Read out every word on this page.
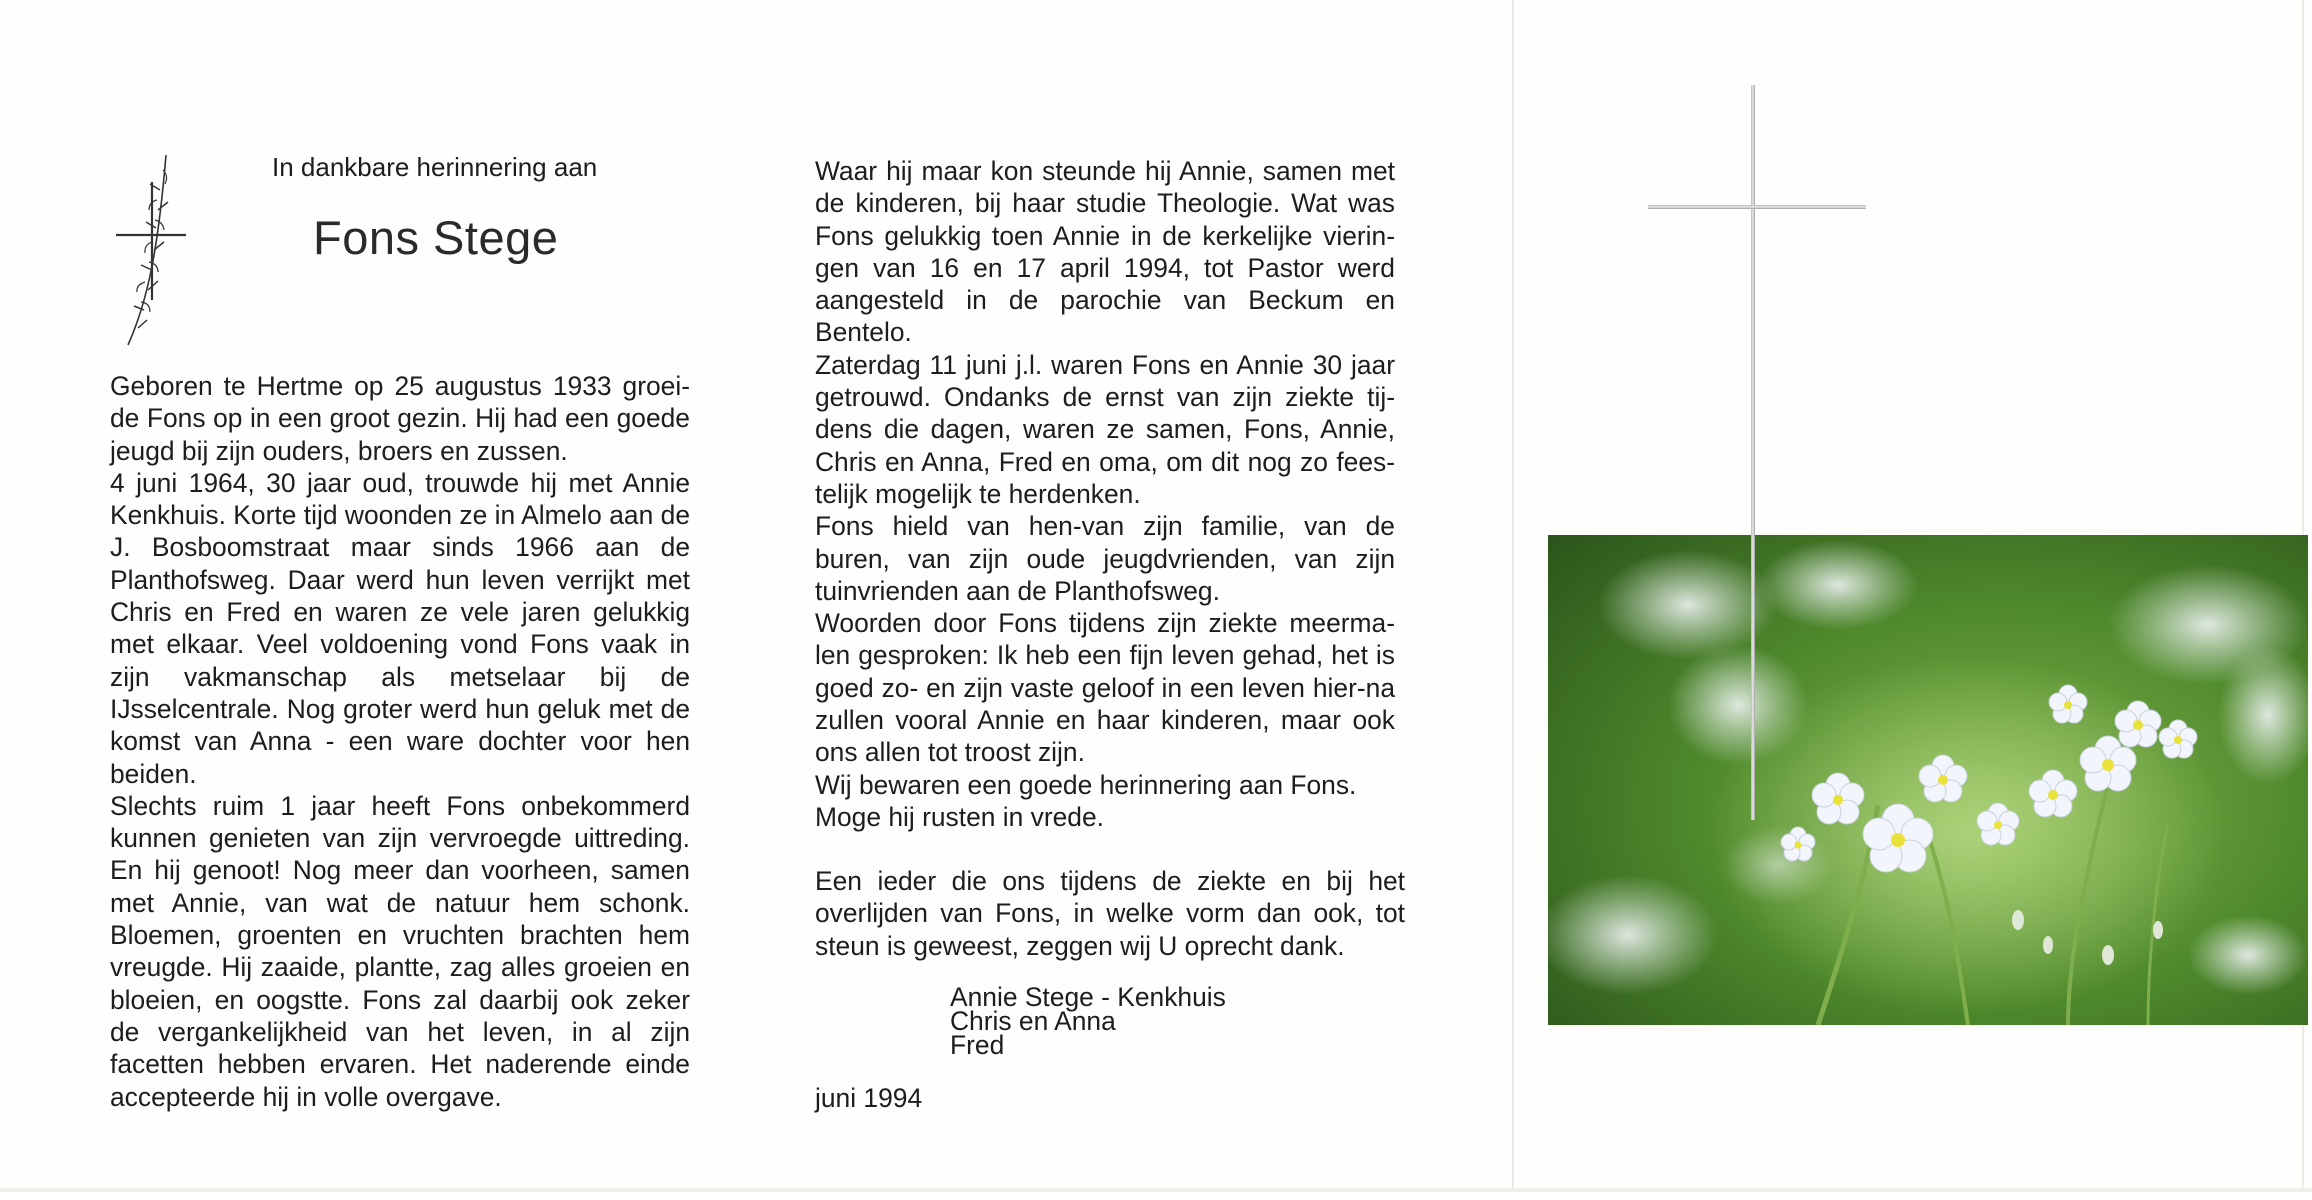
In dankbare herinnering aan
Fons Stege

Geboren te Hertme op 25 augustus 1933 groei-de Fons op in een groot gezin. Hij had een goede jeugd bij zijn ouders, broers en zussen.

4 juni 1964, 30 jaar oud, trouwde hij met Annie Kenkhuis. Korte tijd woonden ze in Almelo aan de J. Bosboomstraat maar sinds 1966 aan de Planthofsweg. Daar werd hun leven verrijkt met Chris en Fred en waren ze vele jaren gelukkig met elkaar. Veel voldoening vond Fons vaak in zijn vakmanschap als metselaar bij de IJsselcentrale. Nog groter werd hun geluk met de komst van Anna - een ware dochter voor hen beiden.

Slechts ruim 1 jaar heeft Fons onbekommerd kunnen genieten van zijn vervroegde uittreding. En hij genoot! Nog meer dan voorheen, samen met Annie, van wat de natuur hem schonk. Bloemen, groenten en vruchten brachten hem vreugde. Hij zaaide, plantte, zag alles groeien en bloeien, en oogstte. Fons zal daarbij ook zeker de vergankelijkheid van het leven, in al zijn facetten hebben ervaren. Het naderende einde accepteerde hij in volle overgave.

Waar hij maar kon steunde hij Annie, samen met de kinderen, bij haar studie Theologie. Wat was Fons gelukkig toen Annie in de kerkelijke vierin-gen van 16 en 17 april 1994, tot Pastor werd aangesteld in de parochie van Beckum en Bentelo.

Zaterdag 11 juni j.l. waren Fons en Annie 30 jaar getrouwd. Ondanks de ernst van zijn ziekte tij-dens die dagen, waren ze samen, Fons, Annie, Chris en Anna, Fred en oma, om dit nog zo fees-telijk mogelijk te herdenken.

Fons hield van hen-van zijn familie, van de buren, van zijn oude jeugdvrienden, van zijn tuinvrienden aan de Planthofsweg.

Woorden door Fons tijdens zijn ziekte meerma-len gesproken: Ik heb een fijn leven gehad, het is goed zo- en zijn vaste geloof in een leven hier-na zullen vooral Annie en haar kinderen, maar ook ons allen tot troost zijn.

Wij bewaren een goede herinnering aan Fons.

Moge hij rusten in vrede.

Een ieder die ons tijdens de ziekte en bij het overlijden van Fons, in welke vorm dan ook, tot steun is geweest, zeggen wij U oprecht dank.
Annie Stege - Kenkhuis
Chris en Anna
Fred
juni 1994
